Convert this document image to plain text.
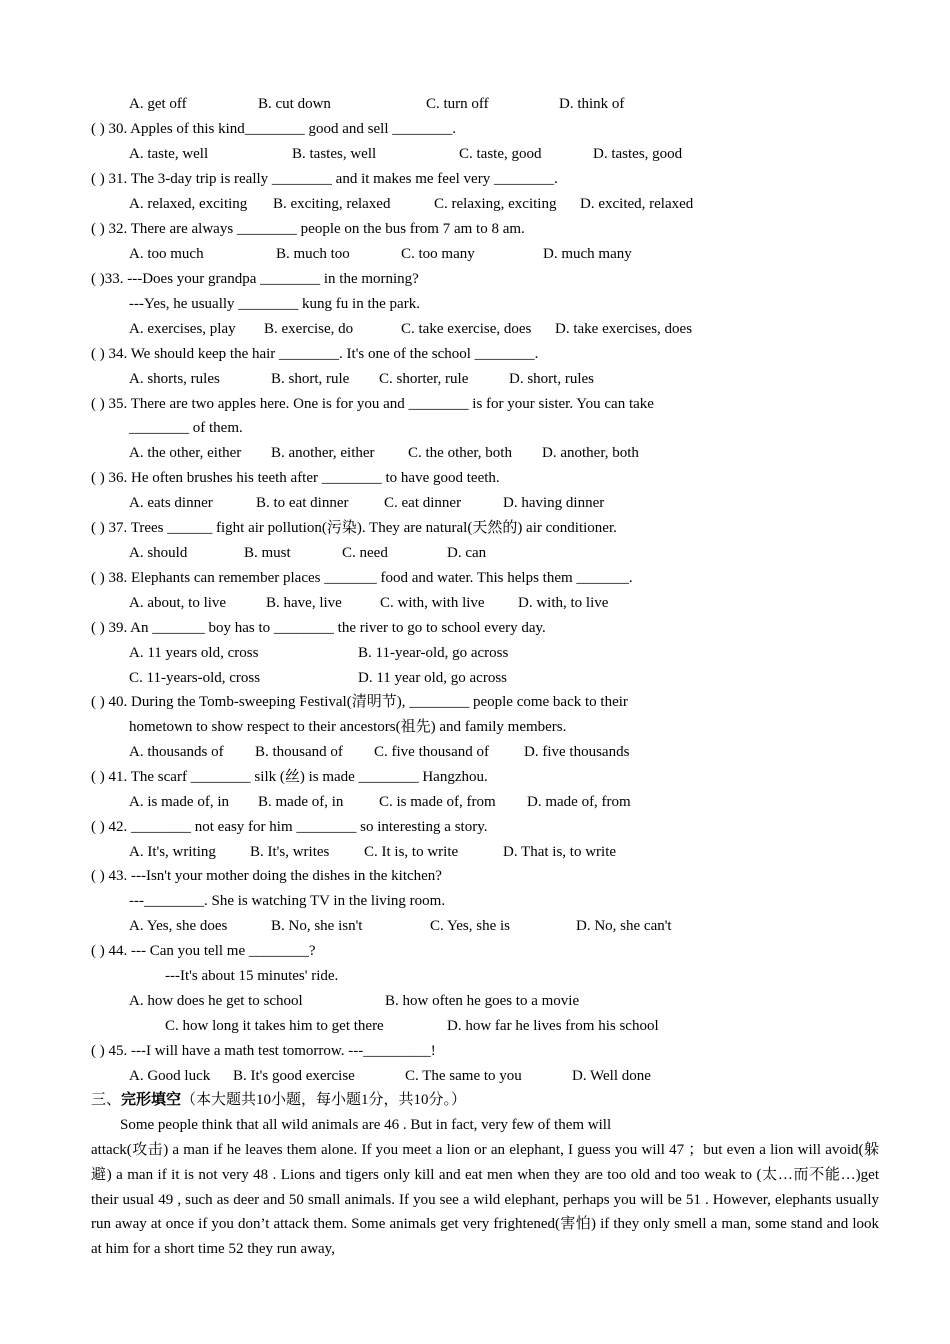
A. get off	B. cut down	C. turn off	D. think of
( ) 30. Apples of this kind________ good and sell ________.
A. taste, well	B. tastes, well	C. taste, good	D. tastes, good
( ) 31. The 3-day trip is really ________ and it makes me feel very ________.
A. relaxed, exciting B. exciting, relaxed	C. relaxing, exciting D. excited, relaxed
( ) 32. There are always ________ people on the bus from 7 am to 8 am.
A. too much	B. much too	C. too many	D. much many
( )33. ---Does your grandpa ________ in the morning?
---Yes, he usually ________ kung fu in the park.
A. exercises, play B. exercise, do	C. take exercise, does D. take exercises, does
( ) 34. We should keep the hair ________. It's one of the school ________.
A. shorts, rules	B. short, rule C. shorter, rule	D. short, rules
( ) 35. There are two apples here. One is for you and ________ is for your sister. You can take
________ of them.
A. the other, either B. another, either C. the other, both D. another, both
( ) 36. He often brushes his teeth after ________ to have good teeth.
A. eats dinner	B. to eat dinner C. eat dinner	D. having dinner
( ) 37. Trees ______ fight air pollution(污染). They are natural(天然的) air conditioner.
A. should	B. must	C. need	D. can
( ) 38. Elephants can remember places _______ food and water. This helps them _______.
A. about, to live	B. have, live	C. with, with live D. with, to live
( ) 39. An _______ boy has to ________ the river to go to school every day.
A. 11 years old, cross	B. 11-year-old, go across
C. 11-years-old, cross	D. 11 year old, go across
( ) 40. During the Tomb-sweeping Festival(清明节), ________ people come back to their
hometown to show respect to their ancestors(祖先) and family members.
A. thousands of B. thousand of C. five thousand of D. five thousands
( ) 41. The scarf ________ silk (丝) is made ________ Hangzhou.
A. is made of, in B. made of, in C. is made of, from D. made of, from
( ) 42. ________ not easy for him ________ so interesting a story.
A. It's, writing B. It's, writes C. It is, to write	D. That is, to write
( ) 43. ---Isn't your mother doing the dishes in the kitchen?
---________. She is watching TV in the living room.
A. Yes, she does	B. No, she isn't	C. Yes, she is	D. No, she can't
( ) 44. --- Can you tell me ________?
---It's about 15 minutes' ride.
A. how does he get to school	B. how often he goes to a movie
C. how long it takes him to get there	D. how far he lives from his school
( ) 45. ---I will have a math test tomorrow. ---_________!
A. Good luck B. It's good exercise	C. The same to you	D. Well done
三、完形填空（本大题共10小题，每小题1分，共10分。）
Some people think that all wild animals are 46 . But in fact, very few of them will

attack(攻击) a man if he leaves them alone. If you meet a lion or an elephant, I guess you will 47 ；but even a lion will avoid(躲避) a man if it is not very 48 . Lions and tigers only kill and eat men when they are too old and too weak to (太…而不能…)get their usual 49 , such as deer and 50 small animals. If you see a wild elephant, perhaps you will be 51 . However, elephants usually run away at once if you don’t attack them. Some animals get very frightened(害怕) if they only smell a man, some stand and look at him for a short time 52 they run away,
